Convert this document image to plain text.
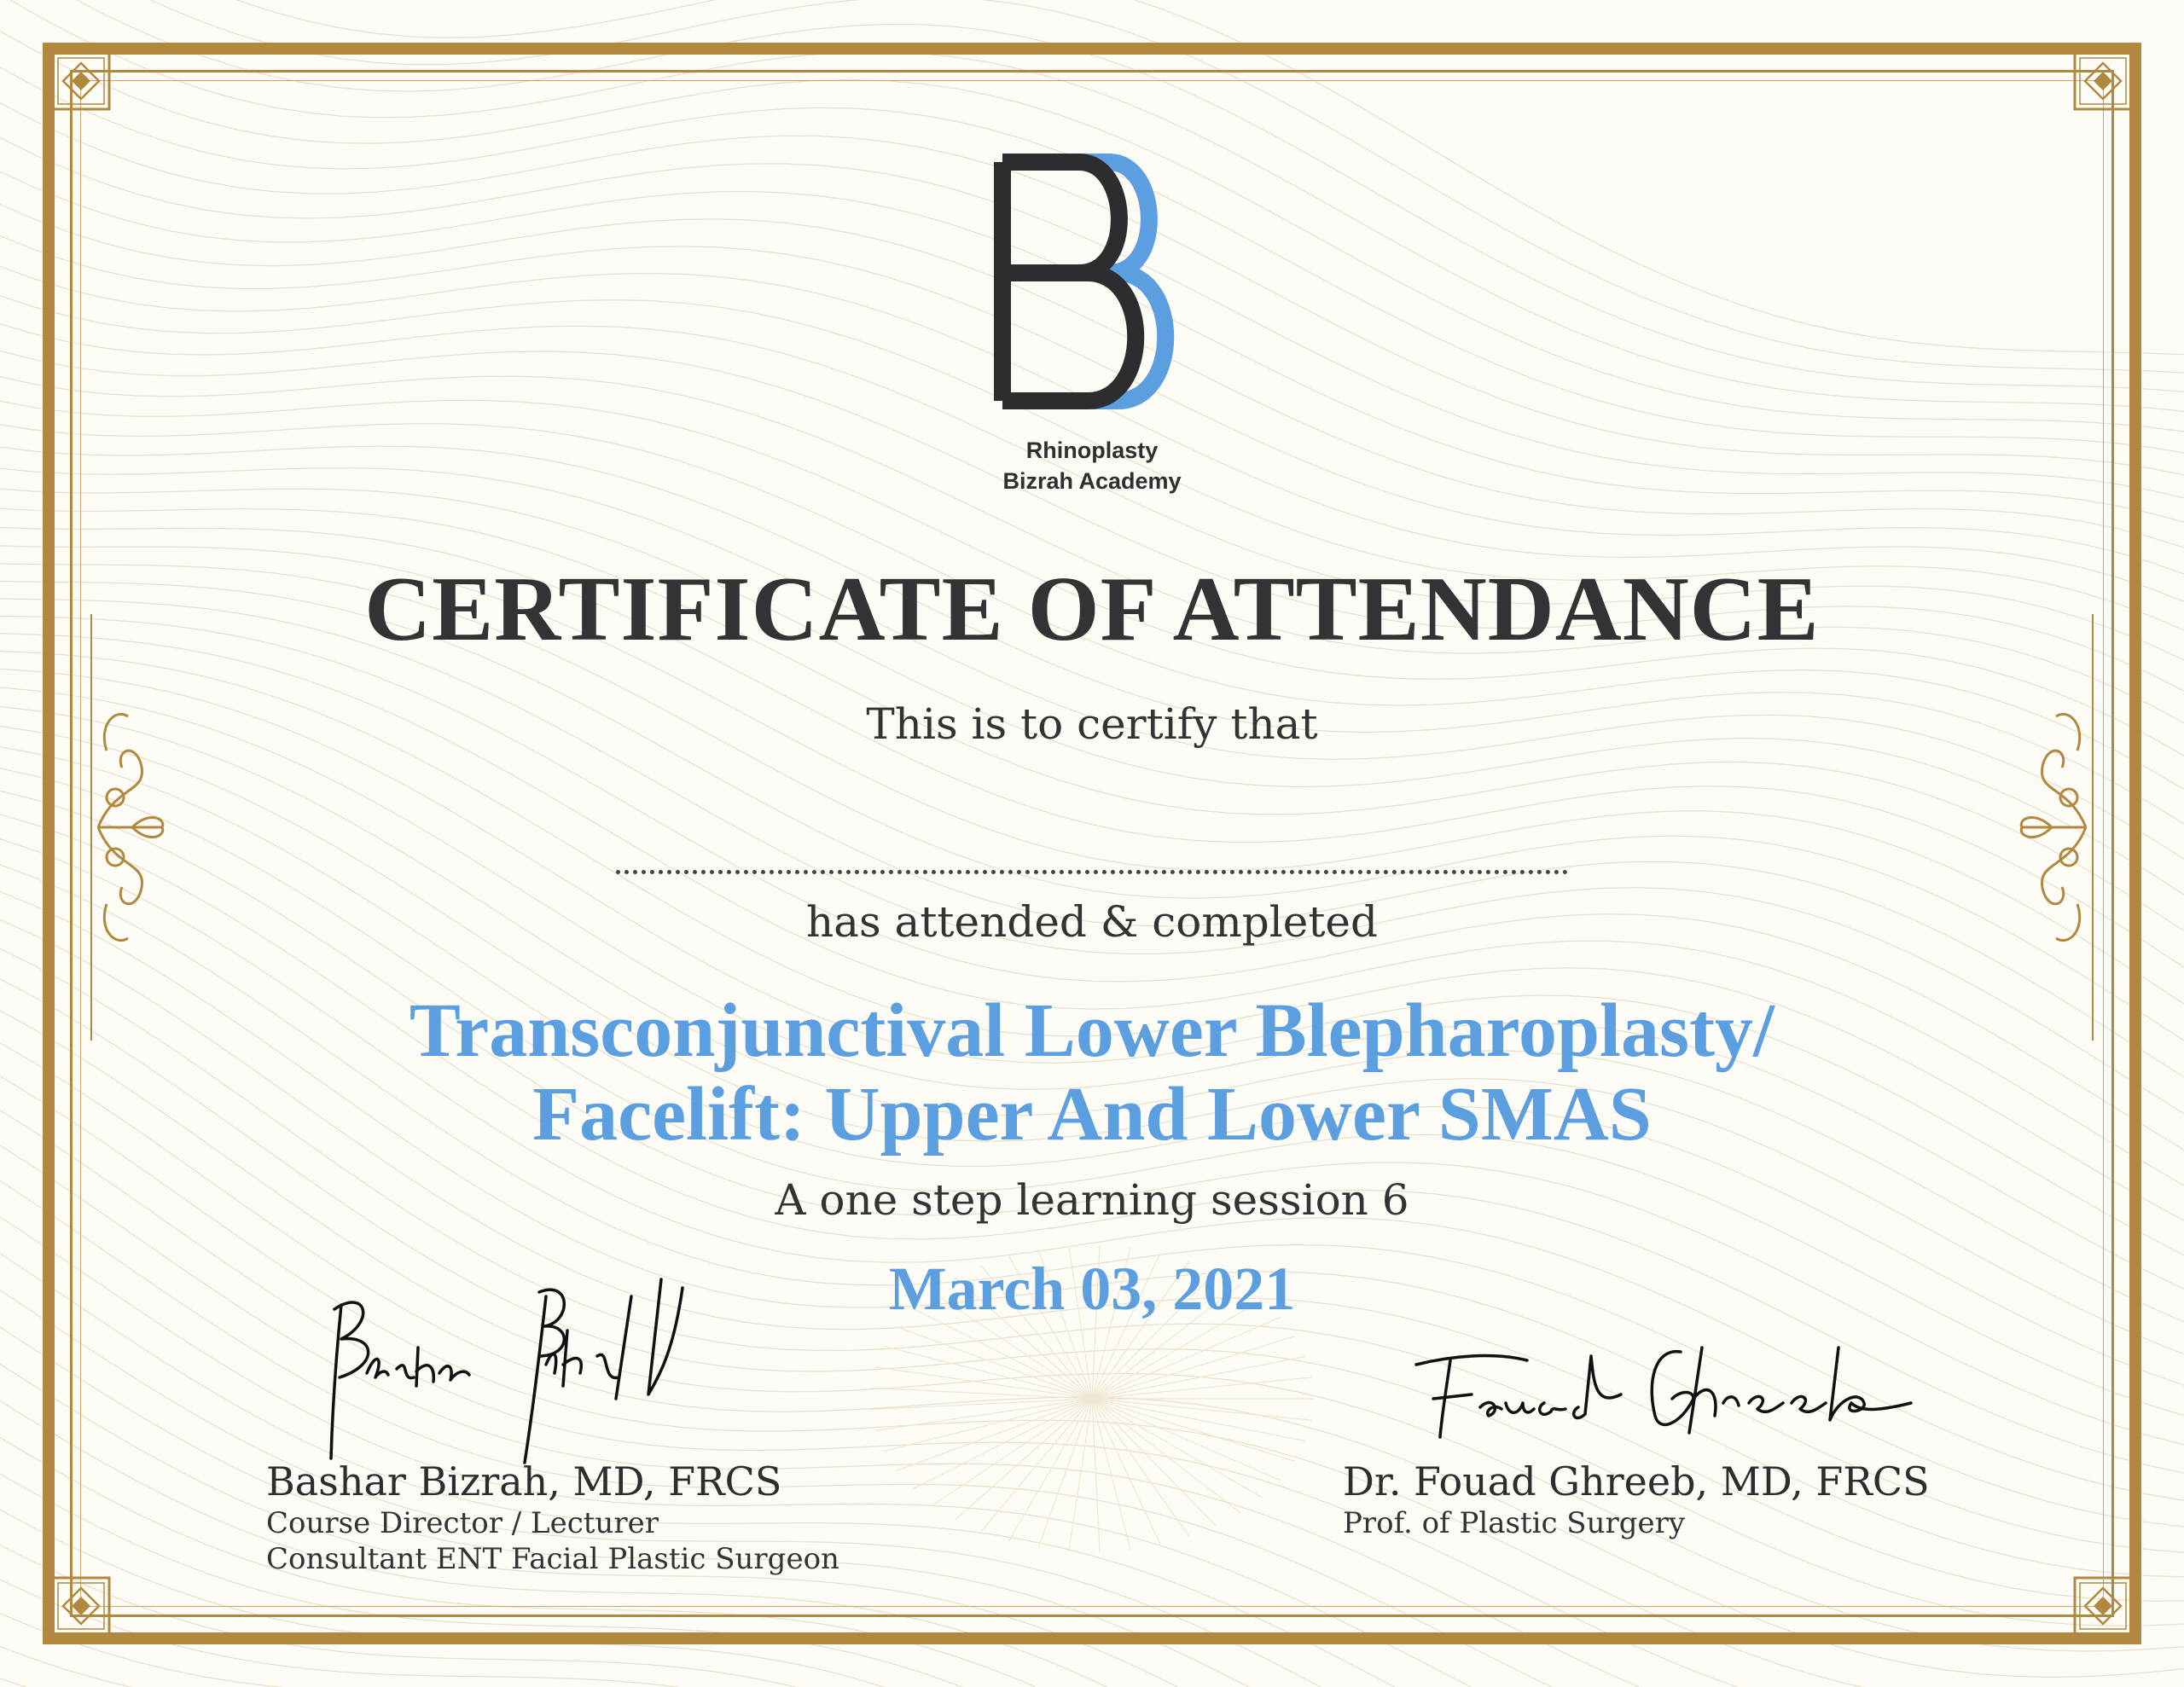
Rhinoplasty
Bizrah Academy
CERTIFICATE OF ATTENDANCE
This is to certify that
has attended & completed
Transconjunctival Lower Blepharoplasty/
Facelift: Upper And Lower SMAS
A one step learning session 6
March 03, 2021
Bashar Bizrah, MD, FRCS
Course Director / Lecturer
Consultant ENT Facial Plastic Surgeon
Dr. Fouad Ghreeb, MD, FRCS
Prof. of Plastic Surgery
